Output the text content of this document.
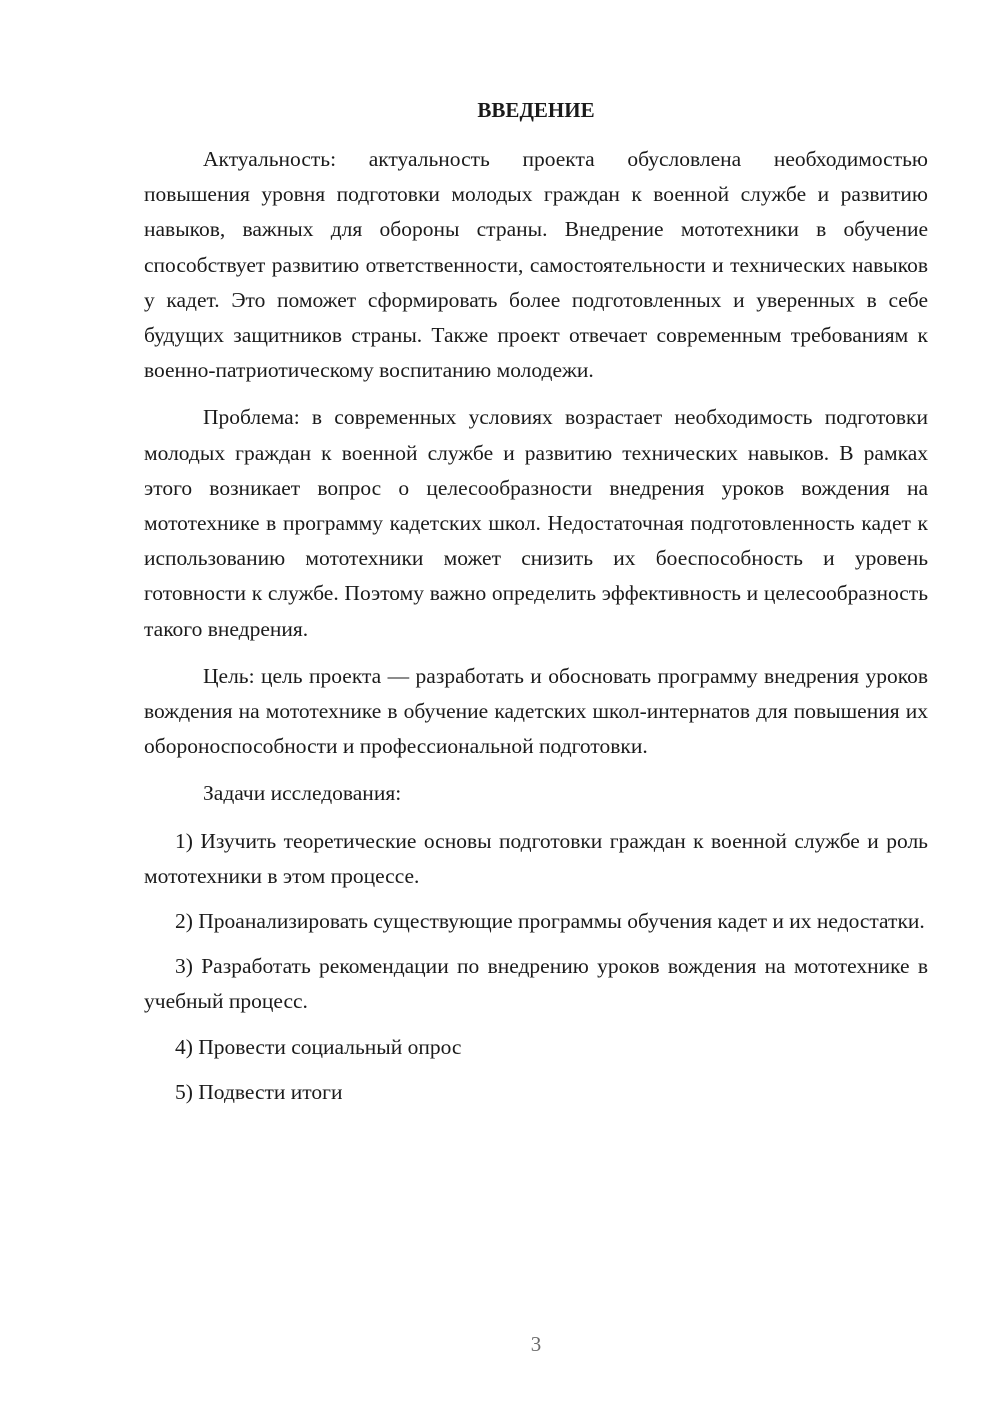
ВВЕДЕНИЕ

Актуальность: актуальность проекта обусловлена необходимостью повышения уровня подготовки молодых граждан к военной службе и развитию навыков, важных для обороны страны. Внедрение мототехники в обучение способствует развитию ответственности, самостоятельности и технических навыков у кадет. Это поможет сформировать более подготовленных и уверенных в себе будущих защитников страны. Также проект отвечает современным требованиям к военно-патриотическому воспитанию молодежи.

Проблема: в современных условиях возрастает необходимость подготовки молодых граждан к военной службе и развитию технических навыков. В рамках этого возникает вопрос о целесообразности внедрения уроков вождения на мототехнике в программу кадетских школ. Недостаточная подготовленность кадет к использованию мототехники может снизить их боеспособность и уровень готовности к службе. Поэтому важно определить эффективность и целесообразность такого внедрения.

Цель: цель проекта — разработать и обосновать программу внедрения уроков вождения на мототехнике в обучение кадетских школ-интернатов для повышения их обороноспособности и профессиональной подготовки.

Задачи исследования:

1) Изучить теоретические основы подготовки граждан к военной службе и роль мототехники в этом процессе.

2) Проанализировать существующие программы обучения кадет и их недостатки.

3) Разработать рекомендации по внедрению уроков вождения на мототехнике в учебный процесс.

4) Провести социальный опрос

5) Подвести итоги

3
